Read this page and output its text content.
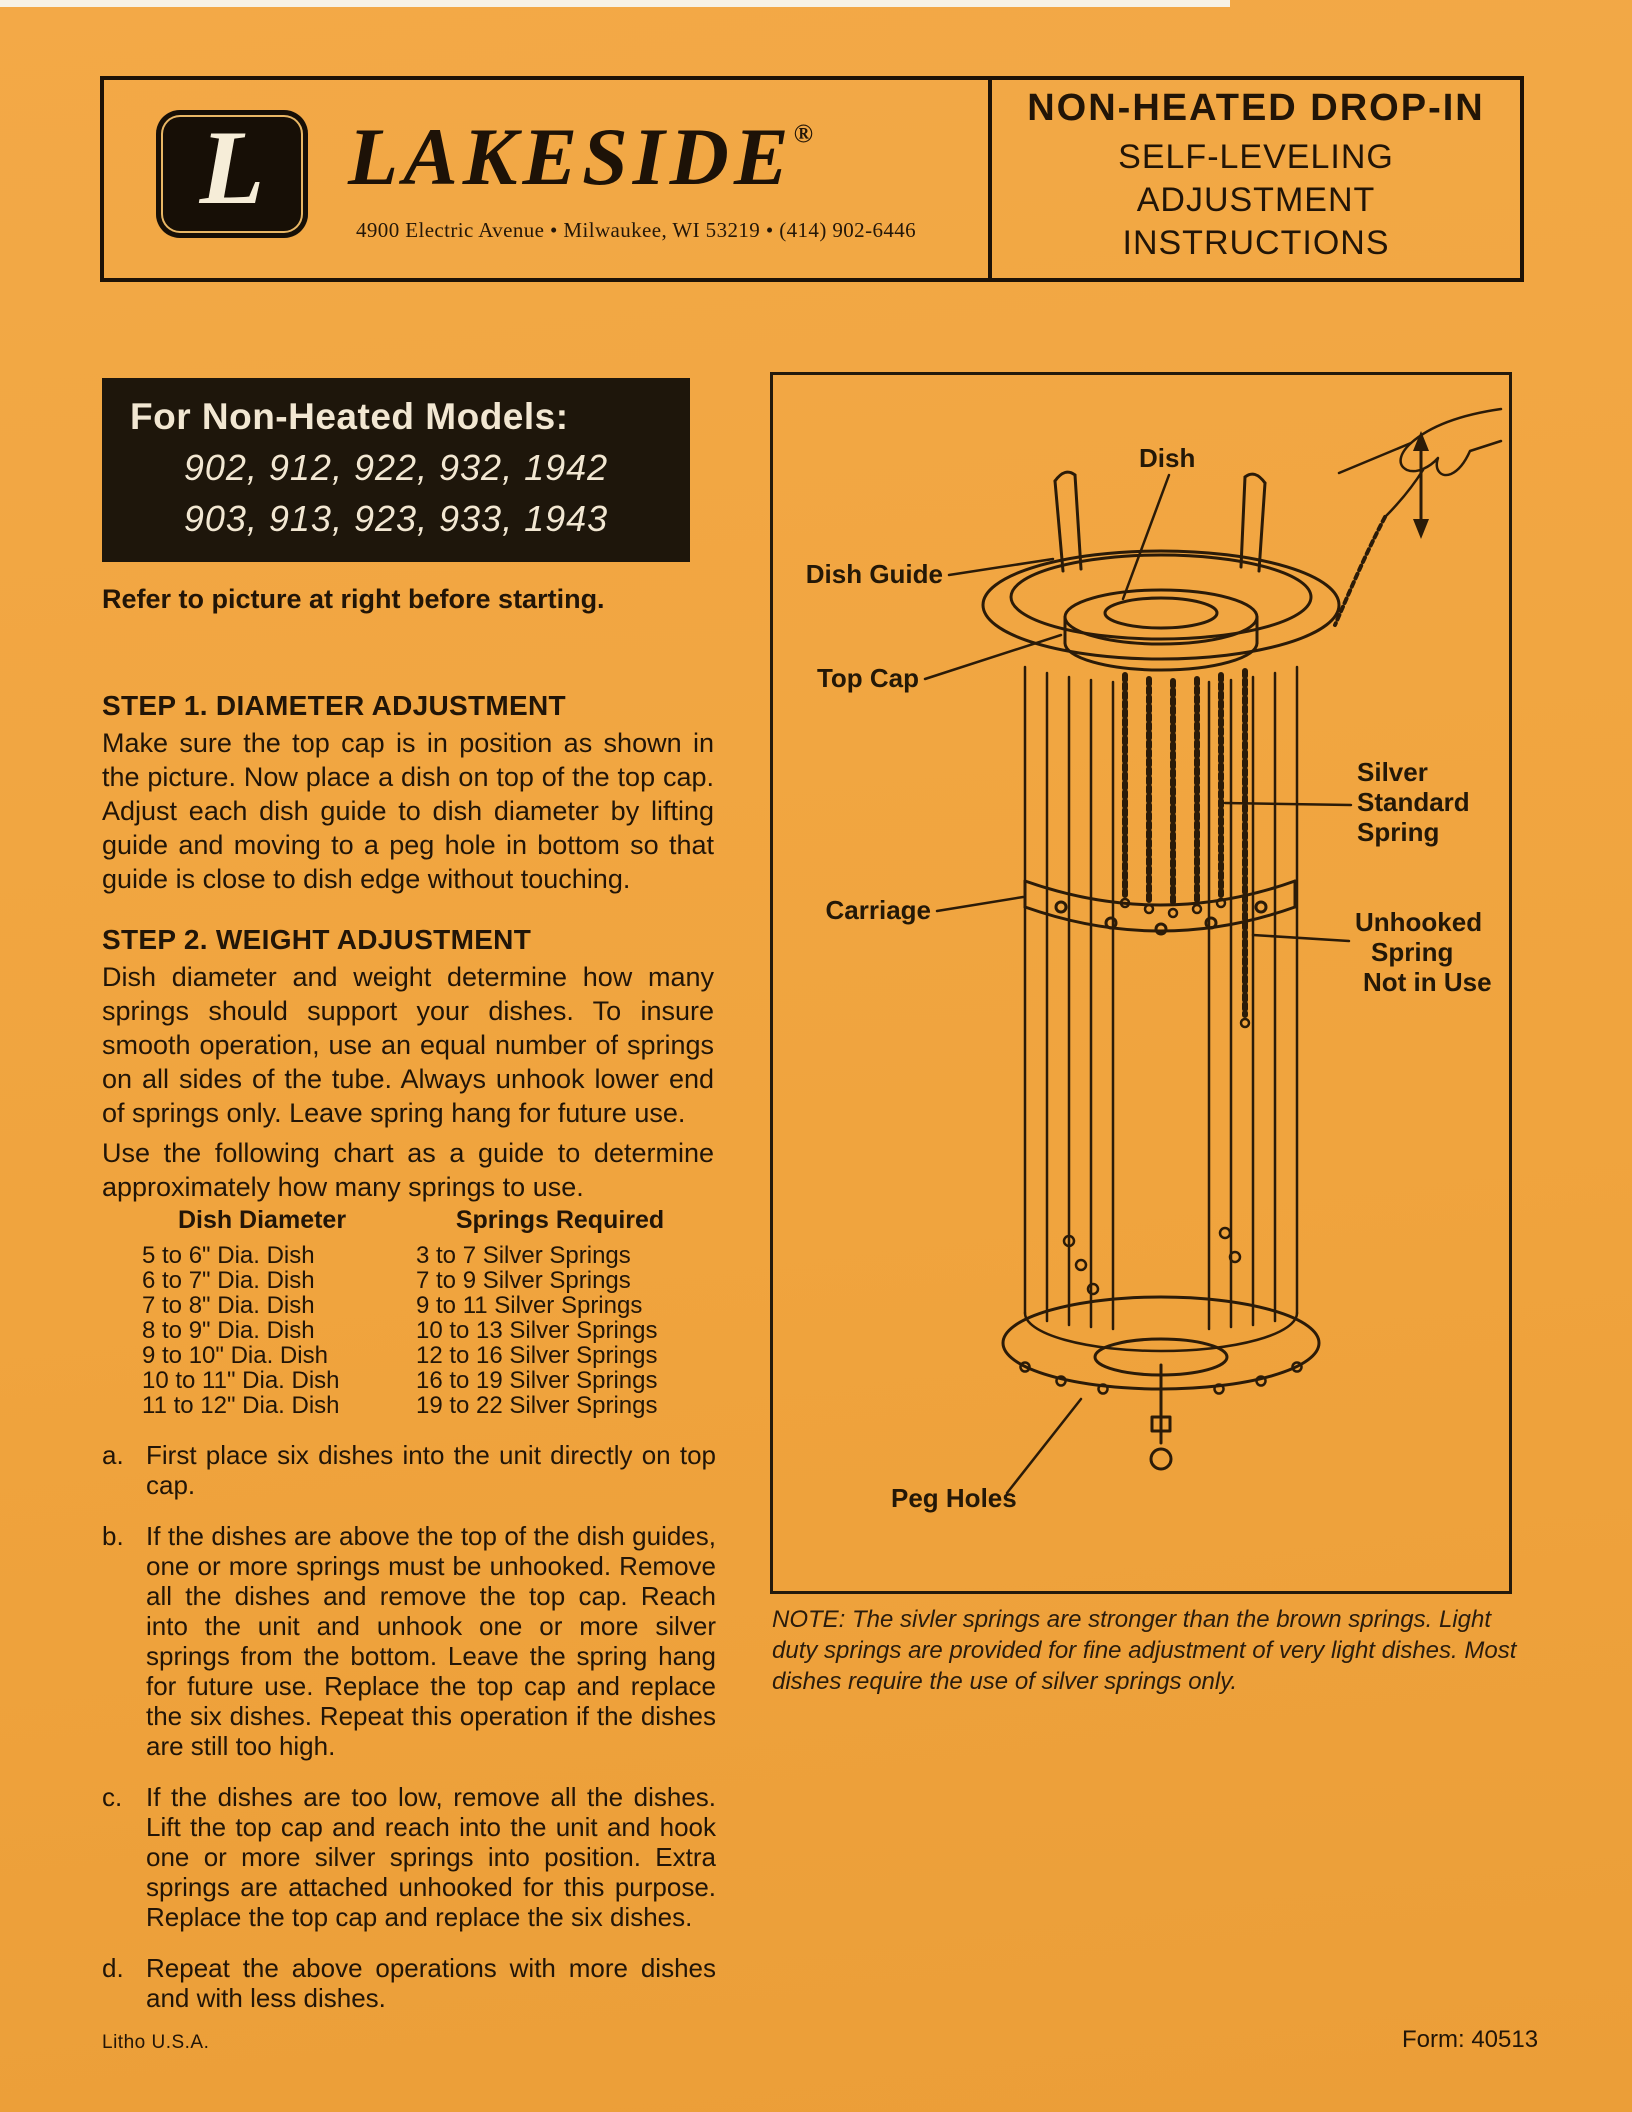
L LAKESIDE®
4900 Electric Avenue • Milwaukee, WI 53219 • (414) 902-6446
NON-HEATED DROP-IN
SELF-LEVELING
ADJUSTMENT
INSTRUCTIONS
For Non-Heated Models:
902, 912, 922, 932, 1942
903, 913, 923, 933, 1943
Refer to picture at right before starting.
STEP 1. DIAMETER ADJUSTMENT
Make sure the top cap is in position as shown in the picture. Now place a dish on top of the top cap. Adjust each dish guide to dish diameter by lifting guide and moving to a peg hole in bottom so that guide is close to dish edge without touching.
STEP 2. WEIGHT ADJUSTMENT
Dish diameter and weight determine how many springs should support your dishes. To insure smooth operation, use an equal number of springs on all sides of the tube. Always unhook lower end of springs only. Leave spring hang for future use.
Use the following chart as a guide to determine approximately how many springs to use.
Dish Diameter	Springs Required
5 to 6" Dia. Dish	3 to 7 Silver Springs
6 to 7" Dia. Dish	7 to 9 Silver Springs
7 to 8" Dia. Dish	9 to 11 Silver Springs
8 to 9" Dia. Dish	10 to 13 Silver Springs
9 to 10" Dia. Dish	12 to 16 Silver Springs
10 to 11" Dia. Dish	16 to 19 Silver Springs
11 to 12" Dia. Dish	19 to 22 Silver Springs
a. First place six dishes into the unit directly on top cap.
b. If the dishes are above the top of the dish guides, one or more springs must be unhooked. Remove all the dishes and remove the top cap. Reach into the unit and unhook one or more silver springs from the bottom. Leave the spring hang for future use. Replace the top cap and replace the six dishes. Repeat this operation if the dishes are still too high.
c. If the dishes are too low, remove all the dishes. Lift the top cap and reach into the unit and hook one or more silver springs into position. Extra springs are attached unhooked for this purpose. Replace the top cap and replace the six dishes.
d. Repeat the above operations with more dishes and with less dishes.
Dish
Dish Guide
Top Cap
Silver
Standard
Spring
Carriage	Unhooked
Spring
Not in Use
Peg Holes
NOTE: The sivler springs are stronger than the brown springs. Light duty springs are provided for fine adjustment of very light dishes. Most dishes require the use of silver springs only.
Litho U.S.A.	Form: 40513
